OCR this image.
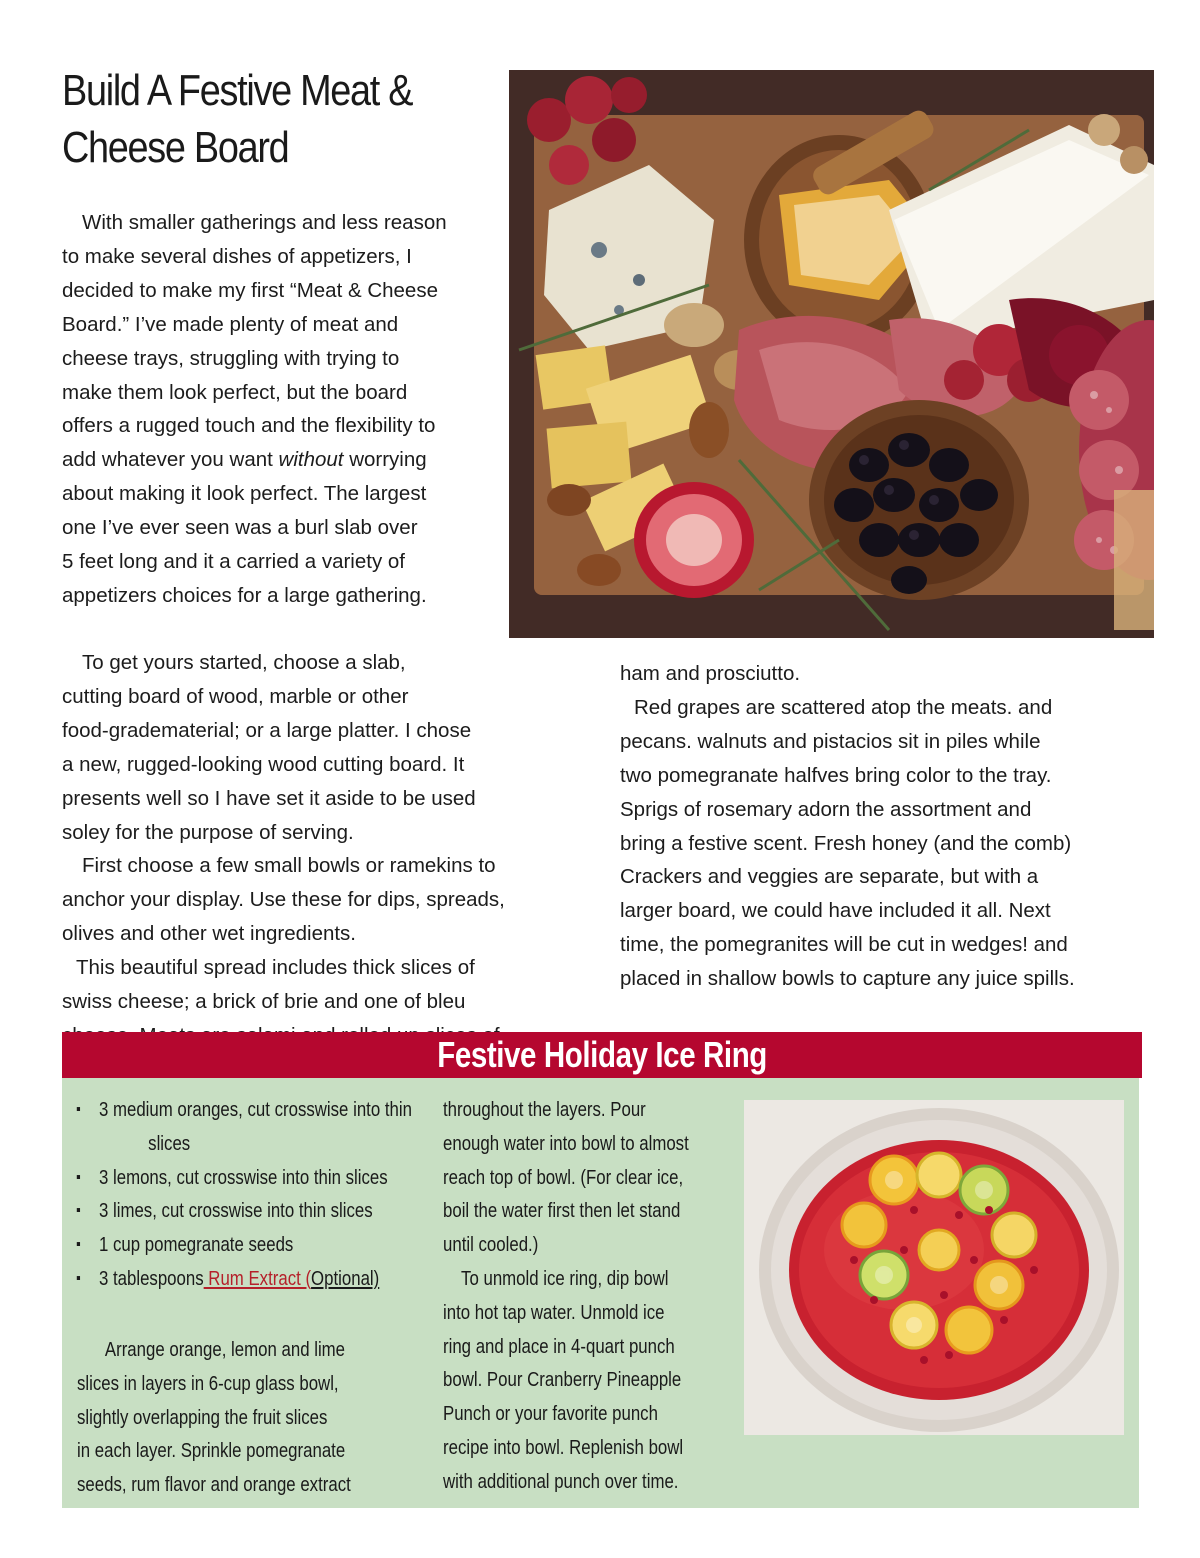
Build A Festive Meat &
Cheese Board

With smaller gatherings and less reason

to make several dishes of appetizers, I

decided to make my first “Meat & Cheese

Board.” I’ve made plenty of meat and

cheese trays, struggling with trying to

make them look perfect, but the board

offers a rugged touch and the flexibility to

add whatever you want without worrying

about making it look perfect. The largest

one I’ve ever seen was a burl slab over

5 feet long and it a carried a variety of

appetizers choices for a large gathering.

To get yours started, choose a slab,

cutting board of wood, marble or other

food-gradematerial; or a large platter. I chose

a new, rugged-looking wood cutting board. It

presents well so I have set it aside to be used

soley for the purpose of serving.

First choose a few small bowls or ramekins to

anchor your display. Use these for dips, spreads,

olives and other wet ingredients.

This beautiful spread includes thick slices of

swiss cheese; a brick of brie and one of bleu

ham and prosciutto.

Red grapes are scattered atop the meats. and

pecans. walnuts and pistacios sit in piles while

two pomegranate halfves bring color to the tray.

Sprigs of rosemary adorn the assortment and

bring a festive scent. Fresh honey (and the comb)

Crackers and veggies are separate, but with a

larger board, we could have included it all. Next

time, the pomegranites will be cut in wedges! and

placed in shallow bowls to capture any juice spills.

Festive Holiday Ice Ring
▪ 3 medium oranges, cut crosswise into thin
slices
▪ 3 lemons, cut crosswise into thin slices
▪ 3 limes, cut crosswise into thin slices
▪ 1 cup pomegranate seeds
▪ 3 tablespoons Rum Extract (Optional)
Arrange orange, lemon and lime
slices in layers in 6-cup glass bowl,
slightly overlapping the fruit slices
in each layer. Sprinkle pomegranate
seeds, rum flavor and orange extract
throughout the layers. Pour
enough water into bowl to almost
reach top of bowl. (For clear ice,
boil the water first then let stand
until cooled.)
To unmold ice ring, dip bowl
into hot tap water. Unmold ice
ring and place in 4-quart punch
bowl. Pour Cranberry Pineapple
Punch or your favorite punch
recipe into bowl. Replenish bowl
with additional punch over time.
